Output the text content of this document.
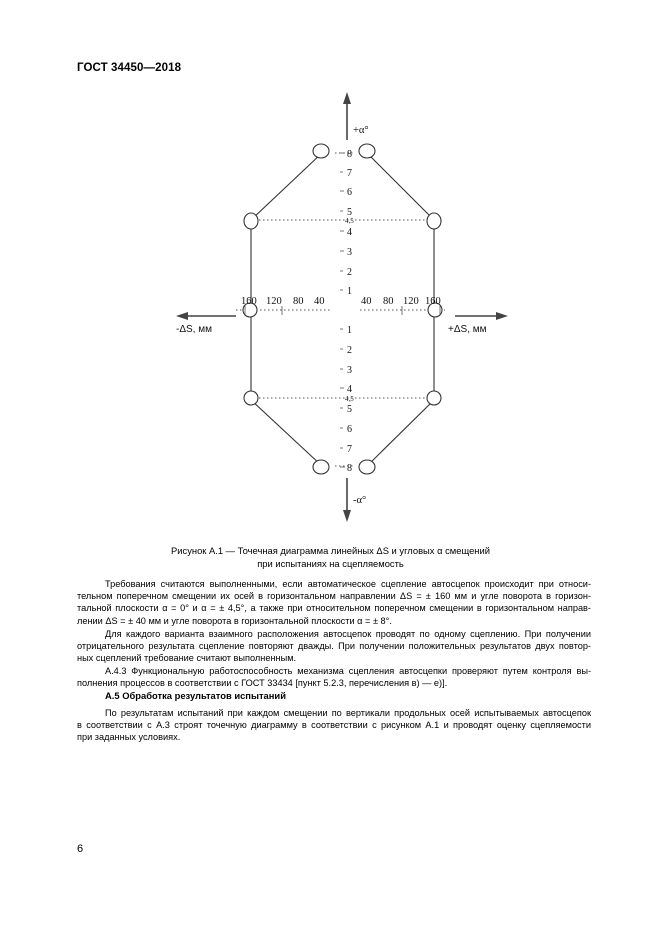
ГОСТ 34450—2018
+α°
-α°
-ΔS, мм	+ΔS, мм
8
7
6
5
4,5
4
3
2
1
1
2
3
4
4,5
5
6
7
8
160 120 80 40	40 80 120 160
Рисунок А.1 — Точечная диаграмма линейных ΔS и угловых α смещений
при испытаниях на сцепляемость
Требования считаются выполненными, если автоматическое сцепление автосцепок происходит при относи-
тельном поперечном смещении их осей в горизонтальном направлении ΔS = ± 160 мм и угле поворота в горизон-
тальной плоскости α = 0° и α = ± 4,5°, а также при относительном поперечном смещении в горизонтальном направ-
лении ΔS = ± 40 мм и угле поворота в горизонтальной плоскости α = ± 8°.
Для каждого варианта взаимного расположения автосцепок проводят по одному сцеплению. При получении
отрицательного результата сцепление повторяют дважды. При получении положительных результатов двух повтор-
ных сцеплений требование считают выполненным.
А.4.3 Функциональную работоспособность механизма сцепления автосцепки проверяют путем контроля вы-
полнения процессов в соответствии с ГОСТ 33434 [пункт 5.2.3, перечисления в) — е)].
А.5 Обработка результатов испытаний
По результатам испытаний при каждом смещении по вертикали продольных осей испытываемых автосцепок
в соответствии с А.3 строят точечную диаграмму в соответствии с рисунком А.1 и проводят оценку сцепляемости
при заданных условиях.
6
